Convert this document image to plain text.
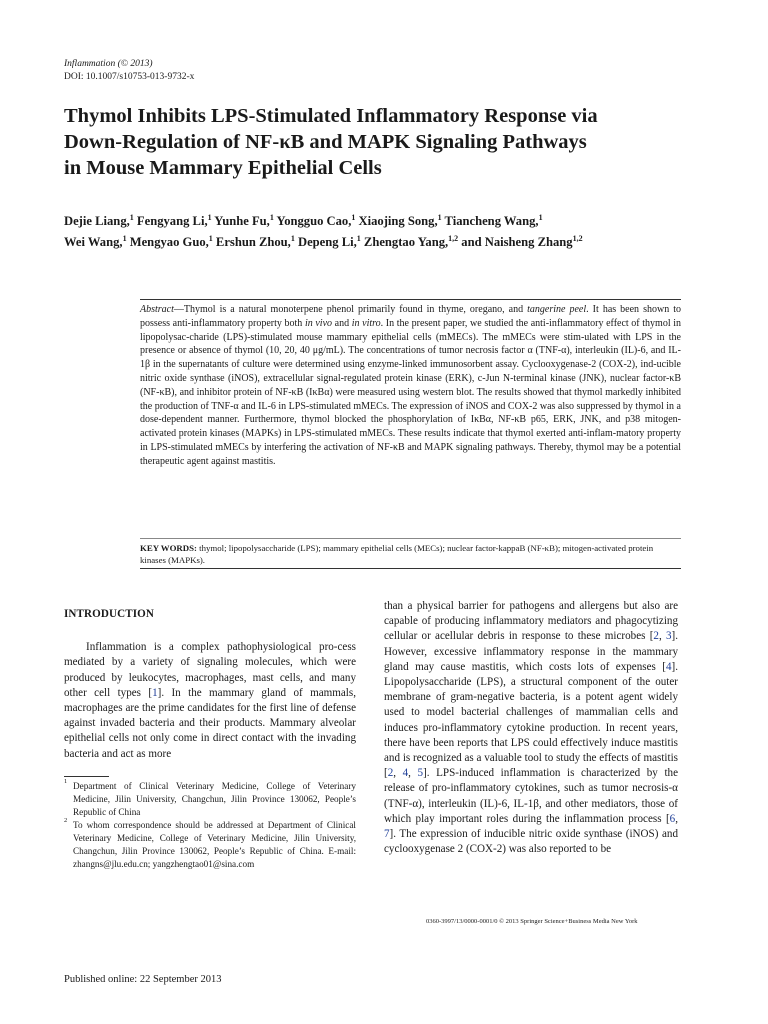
Inflammation (© 2013)
DOI: 10.1007/s10753-013-9732-x
Thymol Inhibits LPS-Stimulated Inflammatory Response via
Down-Regulation of NF-κB and MAPK Signaling Pathways
in Mouse Mammary Epithelial Cells
Dejie Liang,$^1$ Fengyang Li,$^1$ Yunhe Fu,$^1$ Yongguo Cao,$^1$ Xiaojing Song,$^1$ Tiancheng Wang,$^1$
Wei Wang,$^1$ Mengyao Guo,$^1$ Ershun Zhou,$^1$ Depeng Li,$^1$ Zhengtao Yang,$^{1,2}$ and Naisheng Zhang$^{1,2}$
Abstract—Thymol is a natural monoterpene phenol primarily found in thyme, oregano, and tangerine peel. It has been shown to possess anti-inflammatory property both in vivo and in vitro. In the present paper, we studied the anti-inflammatory effect of thymol in lipopolysac-charide (LPS)-stimulated mouse mammary epithelial cells (mMECs). The mMECs were stim-ulated with LPS in the presence or absence of thymol (10, 20, 40 μg/mL). The concentrations of tumor necrosis factor α (TNF-α), interleukin (IL)-6, and IL-1β in the supernatants of culture were determined using enzyme-linked immunosorbent assay. Cyclooxygenase-2 (COX-2), ind-ucible nitric oxide synthase (iNOS), extracellular signal-regulated protein kinase (ERK), c-Jun N-terminal kinase (JNK), nuclear factor-κB (NF-κB), and inhibitor protein of NF-κB (IκBα) were measured using western blot. The results showed that thymol markedly inhibited the production of TNF-α and IL-6 in LPS-stimulated mMECs. The expression of iNOS and COX-2 was also suppressed by thymol in a dose-dependent manner. Furthermore, thymol blocked the phosphorylation of IκBα, NF-κB p65, ERK, JNK, and p38 mitogen-activated protein kinases (MAPKs) in LPS-stimulated mMECs. These results indicate that thymol exerted anti-inflam-matory property in LPS-stimulated mMECs by interfering the activation of NF-κB and MAPK signaling pathways. Thereby, thymol may be a potential therapeutic agent against mastitis.
KEY WORDS: thymol; lipopolysaccharide (LPS); mammary epithelial cells (MECs); nuclear factor-kappaB (NF-κB); mitogen-activated protein kinases (MAPKs).
INTRODUCTION

Inflammation is a complex pathophysiological pro-cess mediated by a variety of signaling molecules, which were produced by leukocytes, macrophages, mast cells, and many other cell types [1]. In the mammary gland of mammals, macrophages are the prime candidates for the first line of defense against invaded bacteria and their products. Mammary alveolar epithelial cells not only come in direct contact with the invading bacteria and act as more

than a physical barrier for pathogens and allergens but also are capable of producing inflammatory mediators and phagocytizing cellular or acellular debris in response to these microbes [2, 3]. However, excessive inflammatory response in the mammary gland may cause mastitis, which costs lots of expenses [4]. Lipopolysaccharide (LPS), a structural component of the outer membrane of gram-negative bacteria, is a potent agent widely used to model bacterial challenges of mammalian cells and induces pro-inflammatory cytokine production. In recent years, there have been reports that LPS could effectively induce mastitis and is recognized as a valuable tool to study the effects of mastitis [2, 4, 5]. LPS-induced inflammation is characterized by the release of pro-inflammatory cytokines, such as tumor necrosis-α (TNF-α), interleukin (IL)-6, IL-1β, and other mediators, those of which play important roles during the inflammation process [6, 7]. The expression of inducible nitric oxide synthase (iNOS) and cyclooxygenase 2 (COX-2) was also reported to be

1 Department of Clinical Veterinary Medicine, College of Veterinary Medicine, Jilin University, Changchun, Jilin Province 130062, People’s Republic of China
2 To whom correspondence should be addressed at Department of Clinical Veterinary Medicine, College of Veterinary Medicine, Jilin University, Changchun, Jilin Province 130062, People’s Republic of China. E-mail: zhangns@jlu.edu.cn; yangzhengtao01@sina.com
0360-3997/13/0000-0001/0 © 2013 Springer Science+Business Media New York
Published online: 22 September 2013
